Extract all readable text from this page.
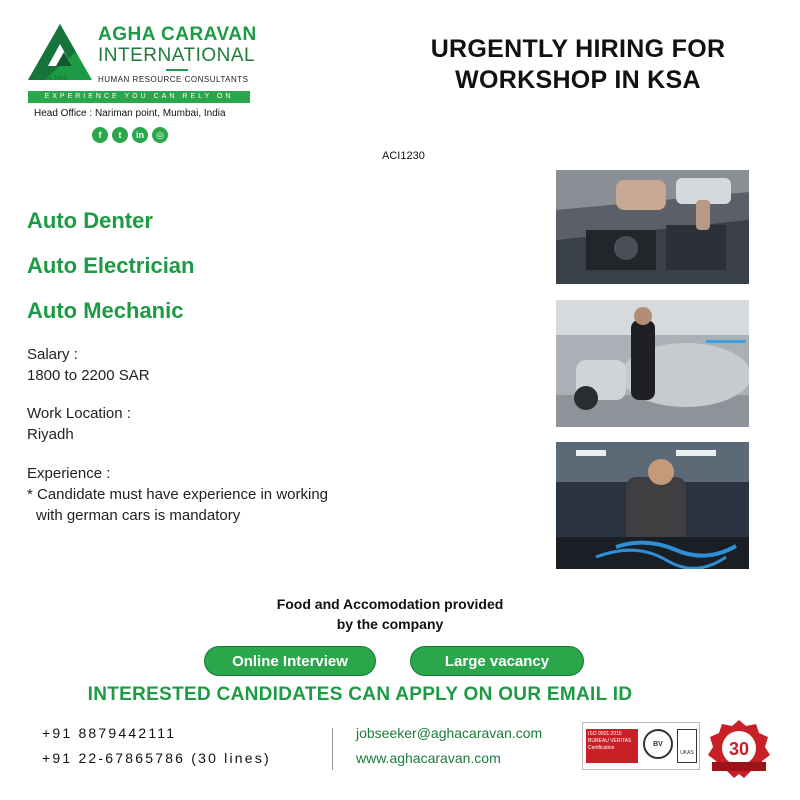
Since 1993
AGHA CARAVAN
INTERNATIONAL
HUMAN RESOURCE CONSULTANTS
EXPERIENCE YOU CAN RELY ON
Head Office : Nariman point, Mumbai, India
f	t	in	◎
URGENTLY HIRING FOR
WORKSHOP IN KSA
ACI1230
Auto Denter
Auto Electrician
Auto Mechanic
Salary :
1800 to 2200 SAR
Work Location :
Riyadh
Experience :
* Candidate must have experience in working
with german cars is mandatory
Food and Accomodation provided
by the company
Online Interview	Large vacancy
INTERESTED CANDIDATES CAN APPLY ON OUR EMAIL ID
+91 8879442111
+91 22-67865786 (30 lines)
jobseeker@aghacaravan.com
www.aghacaravan.com
ISO 9001:2015 BUREAU VERITAS Certification
BV
UKAS 30
